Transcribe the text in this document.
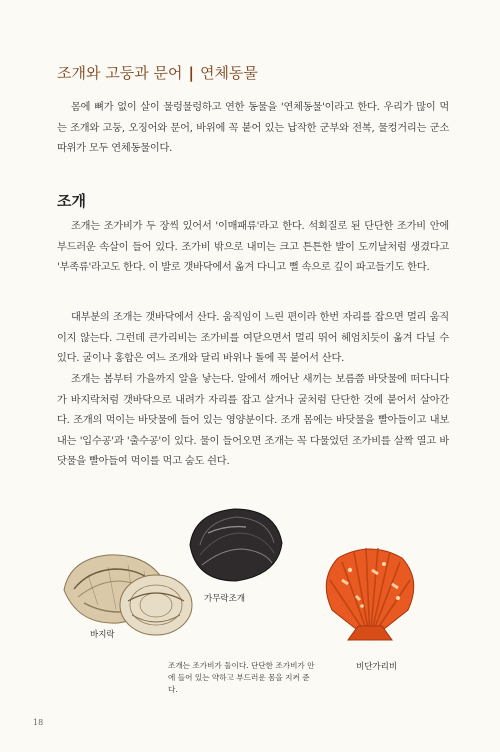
조개와 고둥과 문어 | 연체동물

몸에 뼈가 없이 살이 물렁물렁하고 연한 동물을 '연체동물'이라고 한다. 우리가 많이 먹는 조개와 고둥, 오징어와 문어, 바위에 꼭 붙어 있는 납작한 군부와 전복, 물컹거리는 군소 따위가 모두 연체동물이다.

조개

조개는 조가비가 두 장씩 있어서 '이매패류'라고 한다. 석회질로 된 단단한 조가비 안에 부드러운 속살이 들어 있다. 조가비 밖으로 내미는 크고 튼튼한 발이 도끼날처럼 생겼다고 '부족류'라고도 한다. 이 발로 갯바닥에서 옮겨 다니고 뻘 속으로 깊이 파고들기도 한다.

대부분의 조개는 갯바닥에서 산다. 움직임이 느린 편이라 한번 자리를 잡으면 멀리 움직이지 않는다. 그런데 큰가리비는 조가비를 여닫으면서 멀리 뛰어 헤엄치듯이 옮겨 다닐 수 있다. 굴이나 홍합은 여느 조개와 달리 바위나 돌에 꼭 붙어서 산다.

조개는 봄부터 가을까지 알을 낳는다. 알에서 깨어난 새끼는 보름쯤 바닷물에 떠다니다가 바지락처럼 갯바닥으로 내려가 자리를 잡고 살거나 굴처럼 단단한 것에 붙어서 살아간다. 조개의 먹이는 바닷물에 들어 있는 영양분이다. 조개 몸에는 바닷물을 빨아들이고 내보내는 '입수공'과 '출수공'이 있다. 물이 들어오면 조개는 꼭 다물었던 조가비를 살짝 열고 바닷물을 빨아들여 먹이를 먹고 숨도 쉰다.

바지락
가무락조개
비단가리비
조개는 조가비가 둘이다. 단단한 조가비가 안에 들어 있는 약하고 부드러운 몸을 지켜 준다.
18
